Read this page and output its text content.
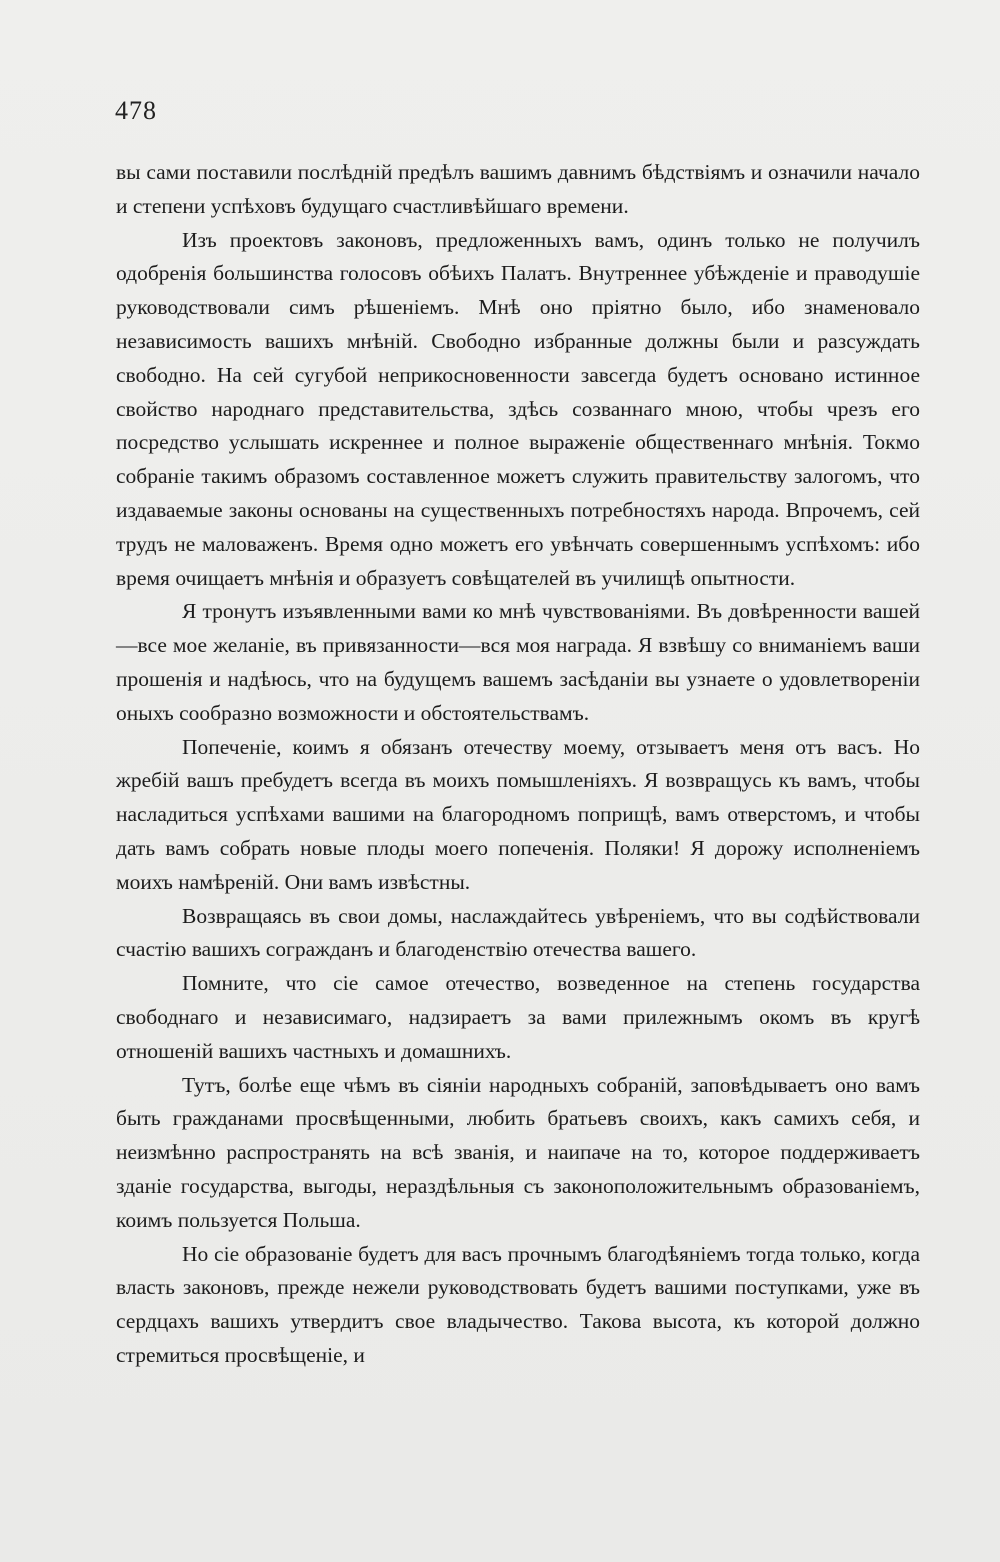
478

вы сами поставили послѣдній предѣлъ вашимъ давнимъ бѣдствіямъ и означили начало и степени успѣховъ будущаго счастливѣйшаго времени.

Изъ проектовъ законовъ, предложенныхъ вамъ, одинъ только не получилъ одобренія большинства голосовъ обѣихъ Палатъ. Внутреннее убѣжденіе и праводушіе руководствовали симъ рѣшеніемъ. Мнѣ оно пріятно было, ибо знаменовало независимость вашихъ мнѣній. Свободно избранные должны были и разсуждать свободно. На сей сугубой неприкосновенности завсегда будетъ основано истинное свойство народнаго представительства, здѣсь созваннаго мною, чтобы чрезъ его посредство услышать искреннее и полное выраженіе общественнаго мнѣнія. Токмо собраніе такимъ образомъ составленное можетъ служить правительству залогомъ, что издаваемые законы основаны на существенныхъ потребностяхъ народа. Впрочемъ, сей трудъ не маловаженъ. Время одно можетъ его увѣнчать совершеннымъ успѣхомъ: ибо время очищаетъ мнѣнія и образуетъ совѣщателей въ училищѣ опытности.

Я тронутъ изъявленными вами ко мнѣ чувствованіями. Въ довѣренности вашей—все мое желаніе, въ привязанности—вся моя награда. Я взвѣшу со вниманіемъ ваши прошенія и надѣюсь, что на будущемъ вашемъ засѣданіи вы узнаете о удовлетвореніи оныхъ сообразно возможности и обстоятельствамъ.

Попеченіе, коимъ я обязанъ отечеству моему, отзываетъ меня отъ васъ. Но жребій вашъ пребудетъ всегда въ моихъ помышленіяхъ. Я возвращусь къ вамъ, чтобы насладиться успѣхами вашими на благородномъ поприщѣ, вамъ отверстомъ, и чтобы дать вамъ собрать новые плоды моего попеченія. Поляки! Я дорожу исполненіемъ моихъ намѣреній. Они вамъ извѣстны.

Возвращаясь въ свои домы, наслаждайтесь увѣреніемъ, что вы содѣйствовали счастію вашихъ согражданъ и благоденствію отечества вашего.

Помните, что сіе самое отечество, возведенное на степень государства свободнаго и независимаго, надзираетъ за вами прилежнымъ окомъ въ кругѣ отношеній вашихъ частныхъ и домашнихъ.

Тутъ, болѣе еще чѣмъ въ сіяніи народныхъ собраній, заповѣдываетъ оно вамъ быть гражданами просвѣщенными, любить братьевъ своихъ, какъ самихъ себя, и неизмѣнно распространять на всѣ званія, и наипаче на то, которое поддерживаетъ зданіе государства, выгоды, нераздѣльныя съ законоположительнымъ образованіемъ, коимъ пользуется Польша.

Но сіе образованіе будетъ для васъ прочнымъ благодѣяніемъ тогда только, когда власть законовъ, прежде нежели руководствовать будетъ вашими поступками, уже въ сердцахъ вашихъ утвердитъ свое владычество. Такова высота, къ которой должно стремиться просвѣщеніе, и
